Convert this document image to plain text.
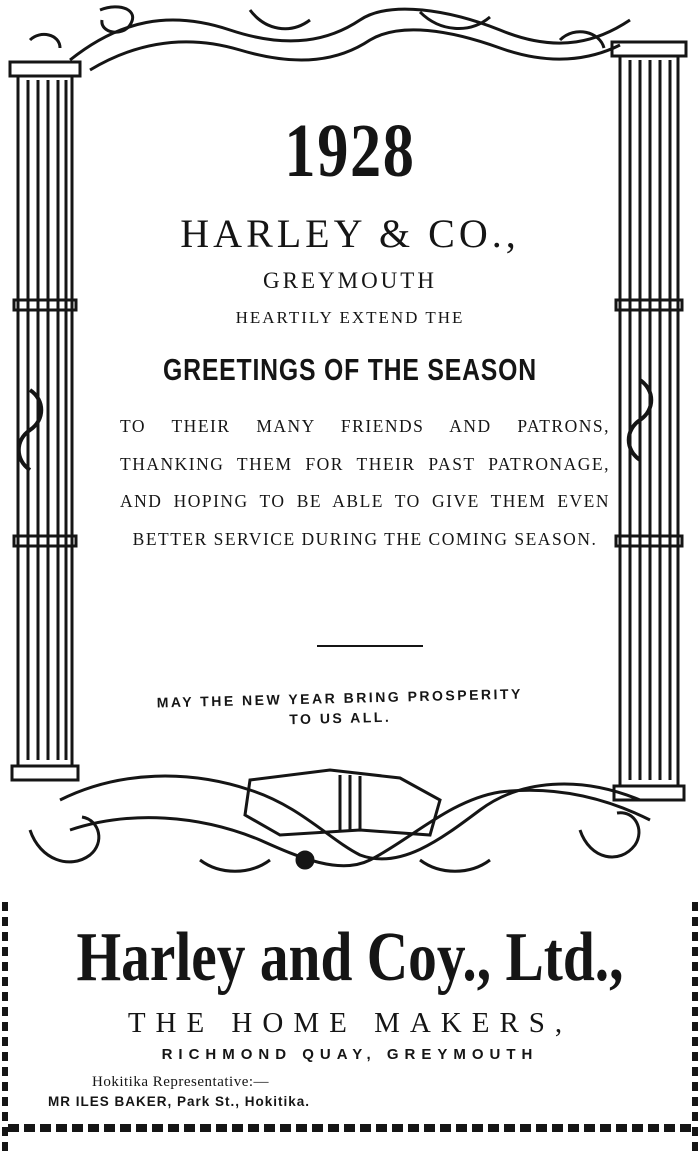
1928
HARLEY & CO.,
GREYMOUTH
HEARTILY EXTEND THE
GREETINGS OF THE SEASON
TO THEIR MANY FRIENDS AND PATRONS, THANKING THEM FOR THEIR PAST PATRONAGE, AND HOPING TO BE ABLE TO GIVE THEM EVEN BETTER SERVICE DURING THE COMING SEASON.
MAY THE NEW YEAR BRING PROSPERITY
TO US ALL.
Harley and Coy., Ltd.,
THE HOME MAKERS,
RICHMOND QUAY, GREYMOUTH
Hokitika Representative:—
MR ILES BAKER, Park St., Hokitika.
